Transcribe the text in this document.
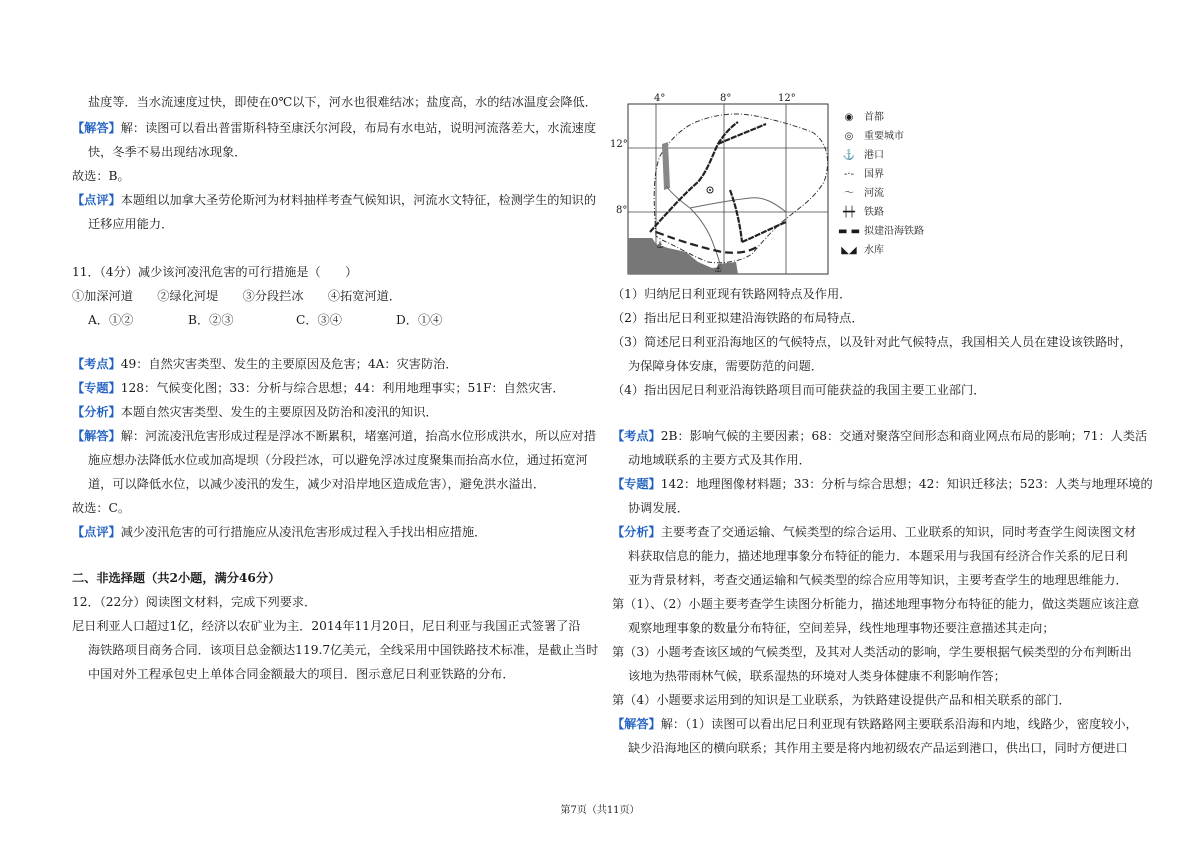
盐度等．当水流速度过快，即使在0℃以下，河水也很难结冰；盐度高，水的结冰温度会降低．
【解答】解：读图可以看出普雷斯科特至康沃尔河段，布局有水电站，说明河流落差大，水流速度
快，冬季不易出现结冰现象．
故选：B。
【点评】本题组以加拿大圣劳伦斯河为材料抽样考查气候知识，河流水文特征，检测学生的知识的
迁移应用能力．
11．（4分）减少该河凌汛危害的可行措施是（　　）
①加深河道　　②绿化河堤　　③分段拦冰　　④拓宽河道．
A．①②	B．②③	C．③④	D．①④
【考点】49：自然灾害类型、发生的主要原因及危害；4A：灾害防治．
【专题】128：气候变化图；33：分析与综合思想；44：利用地理事实；51F：自然灾害．
【分析】本题自然灾害类型、发生的主要原因及防治和凌汛的知识．
【解答】解：河流凌汛危害形成过程是浮冰不断累积，堵塞河道，抬高水位形成洪水，所以应对措
施应想办法降低水位或加高堤坝（分段拦冰，可以避免浮冰过度聚集而抬高水位，通过拓宽河
道，可以降低水位，以减少凌汛的发生，减少对沿岸地区造成危害），避免洪水溢出．
故选：C。
【点评】减少凌汛危害的可行措施应从凌汛危害形成过程入手找出相应措施．
二、非选择题（共2小题，满分46分）
12．（22分）阅读图文材料，完成下列要求．
尼日利亚人口超过1亿，经济以农矿业为主．2014年11月20日，尼日利亚与我国正式签署了沿
海铁路项目商务合同．该项目总金额达119.7亿美元，全线采用中国铁路技术标准，是截止当时
中国对外工程承包史上单体合同金额最大的项目．图示意尼日利亚铁路的分布．
4°	8°	12°
12°
8°
⚓
⚓
◉ 首都
◎ 重要城市
⚓ 港口
-·- 国界
～ 河流
┿┿ 铁路
▬ ▬ 拟建沿海铁路
◣◢ 水库
（1）归纳尼日利亚现有铁路网特点及作用．
（2）指出尼日利亚拟建沿海铁路的布局特点．
（3）简述尼日利亚沿海地区的气候特点，以及针对此气候特点，我国相关人员在建设该铁路时，
为保障身体安康，需要防范的问题．
（4）指出因尼日利亚沿海铁路项目而可能获益的我国主要工业部门．
【考点】2B：影响气候的主要因素；68：交通对聚落空间形态和商业网点布局的影响；71：人类活
动地域联系的主要方式及其作用．
【专题】142：地理图像材料题；33：分析与综合思想；42：知识迁移法；523：人类与地理环境的
协调发展．
【分析】主要考查了交通运输、气候类型的综合运用、工业联系的知识，同时考查学生阅读图文材
料获取信息的能力，描述地理事象分布特征的能力．本题采用与我国有经济合作关系的尼日利
亚为背景材料，考查交通运输和气候类型的综合应用等知识，主要考查学生的地理思维能力．
第（1）、（2）小题主要考查学生读图分析能力，描述地理事物分布特征的能力，做这类题应该注意
观察地理事象的数量分布特征，空间差异，线性地理事物还要注意描述其走向；
第（3）小题考查该区域的气候类型，及其对人类活动的影响，学生要根据气候类型的分布判断出
该地为热带雨林气候，联系湿热的环境对人类身体健康不利影响作答；
第（4）小题要求运用到的知识是工业联系，为铁路建设提供产品和相关联系的部门．
【解答】解：（1）读图可以看出尼日利亚现有铁路路网主要联系沿海和内地，线路少，密度较小，
缺少沿海地区的横向联系；其作用主要是将内地初级农产品运到港口，供出口，同时方便进口
第7页（共11页）
